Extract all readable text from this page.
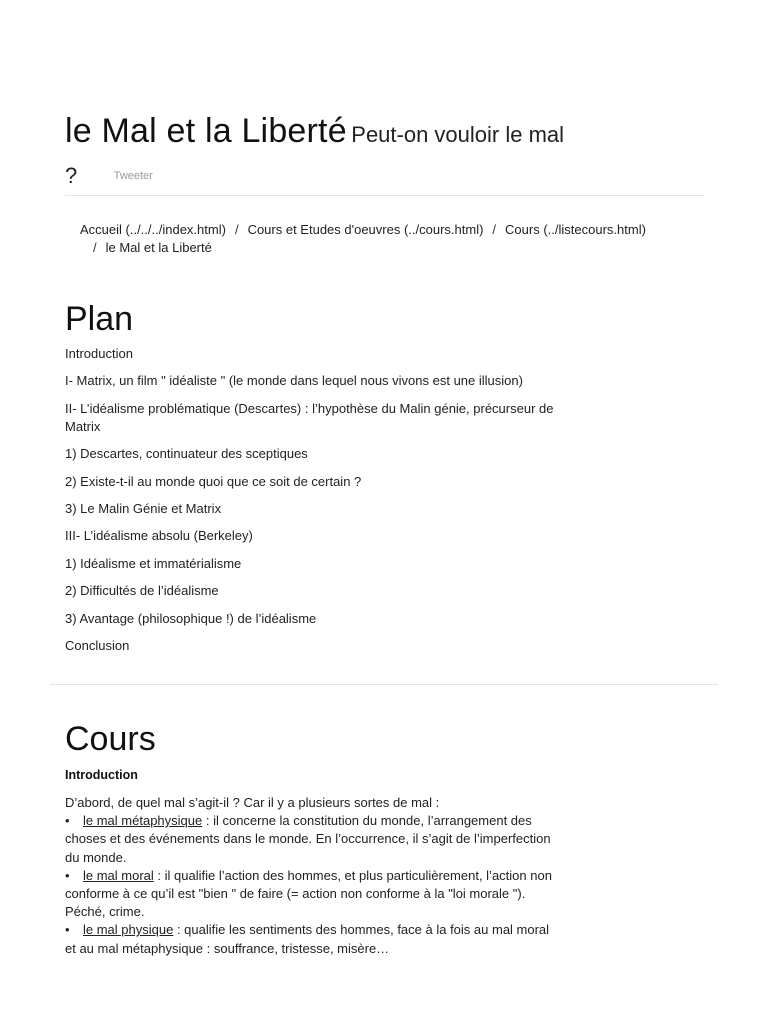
le Mal et la Liberté Peut-on vouloir le mal ?	$^{Tweeter}$
Accueil (../../../index.html) / Cours et Etudes d'oeuvres (../cours.html) / Cours (../listecours.html)
/ le Mal et la Liberté
Plan
Introduction
I- Matrix, un film " idéaliste " (le monde dans lequel nous vivons est une illusion)
II- L’idéalisme problématique (Descartes) : l’hypothèse du Malin génie, précurseur de Matrix
1) Descartes, continuateur des sceptiques
2) Existe-t-il au monde quoi que ce soit de certain ?
3) Le Malin Génie et Matrix
III- L’idéalisme absolu (Berkeley)
1) Idéalisme et immatérialisme
2) Difficultés de l’idéalisme
3) Avantage (philosophique !) de l’idéalisme
Conclusion
Cours
Introduction
D’abord, de quel mal s’agit-il ? Car il y a plusieurs sortes de mal :
• le mal métaphysique : il concerne la constitution du monde, l’arrangement des choses et des événements dans le monde. En l’occurrence, il s’agit de l’imperfection du monde.
• le mal moral : il qualifie l’action des hommes, et plus particulièrement, l’action non conforme à ce qu’il est "bien " de faire (= action non conforme à la "loi morale "). Péché, crime.
• le mal physique : qualifie les sentiments des hommes, face à la fois au mal moral et au mal métaphysique : souffrance, tristesse, misère…
